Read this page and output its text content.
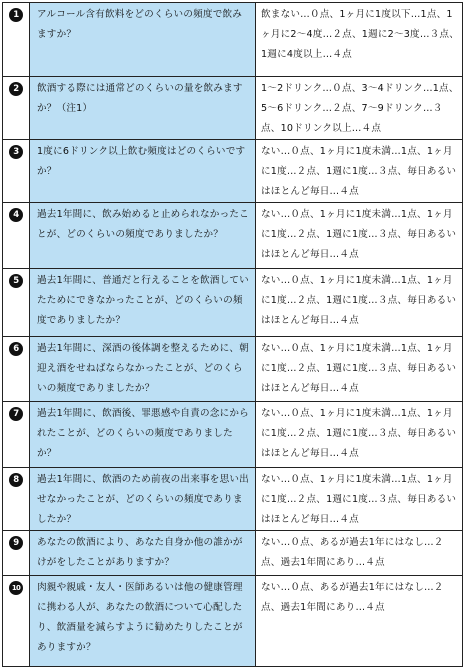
1	アルコール含有飲料をどのくらいの頻度で飲みますか？	飲まない…０点、1ヶ月に1度以下…1点、1ヶ月に2～4度…２点、1週に2～3度…３点、1週に4度以上…４点

2	飲酒する際には通常どのくらいの量を飲みますか？（注1）	1～2ドリンク…０点、3～4ドリンク…1点、5～6ドリンク…２点、7～9ドリンク…３点、10ドリンク以上…４点

3	1度に6ドリンク以上飲む頻度はどのくらいですか？	ない…０点、1ヶ月に1度未満…1点、1ヶ月に1度…２点、1週に1度…３点、毎日あるいはほとんど毎日…４点

4	過去1年間に、飲み始めると止められなかったことが、どのくらいの頻度でありましたか？	ない…０点、1ヶ月に1度未満…1点、1ヶ月に1度…２点、1週に1度…３点、毎日あるいはほとんど毎日…４点

5	過去1年間に、普通だと行えることを飲酒していたためにできなかったことが、どのくらいの頻度でありましたか？	ない…０点、1ヶ月に1度未満…1点、1ヶ月に1度…２点、1週に1度…３点、毎日あるいはほとんど毎日…４点

6	過去1年間に、深酒の後体調を整えるために、朝迎え酒をせねばならなかったことが、どのくらいの頻度でありましたか？	ない…０点、1ヶ月に1度未満…1点、1ヶ月に1度…２点、1週に1度…３点、毎日あるいはほとんど毎日…４点

7	過去1年間に、飲酒後、罪悪感や自責の念にかられたことが、どのくらいの頻度でありましたか？	ない…０点、1ヶ月に1度未満…1点、1ヶ月に1度…２点、1週に1度…３点、毎日あるいはほとんど毎日…４点

8	過去1年間に、飲酒のため前夜の出来事を思い出せなかったことが、どのくらいの頻度でありましたか？	ない…０点、1ヶ月に1度未満…1点、1ヶ月に1度…２点、1週に1度…３点、毎日あるいはほとんど毎日…４点

9	あなたの飲酒により、あなた自身か他の誰かがけがをしたことがありますか？	ない…０点、あるが過去1年にはなし…２点、過去1年間にあり…４点

10	肉親や親戚・友人・医師あるいは他の健康管理に携わる人が、あなたの飲酒について心配したり、飲酒量を減らすように勧めたりしたことがありますか？	ない…０点、あるが過去1年にはなし…２点、過去1年間にあり…４点
